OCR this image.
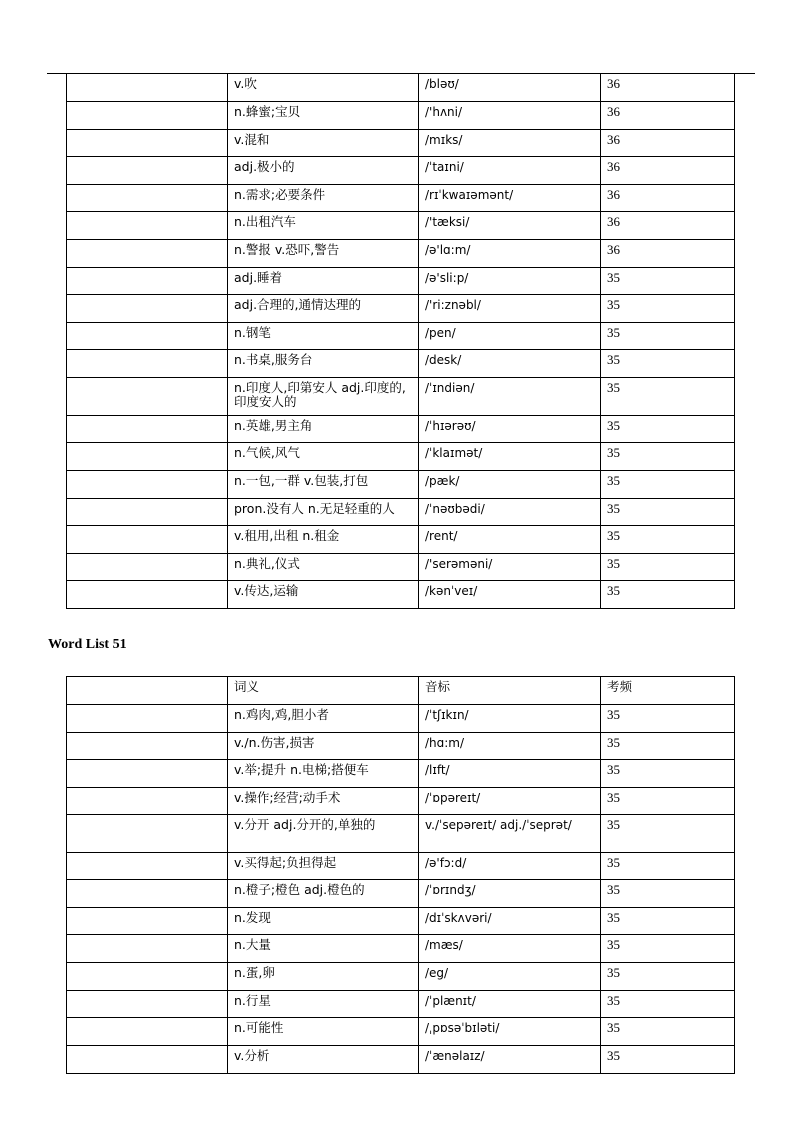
	v.吹	/bləʊ/	36
	n.蜂蜜;宝贝	/'hʌni/	36
	v.混和	/mɪks/	36
	adj.极小的	/ˈtaɪni/	36
	n.需求;必要条件	/rɪˈkwaɪəmənt/	36
	n.出租汽车	/'tæksi/	36
	n.警报 v.恐吓,警告	/ə'lɑ:m/	36
	adj.睡着	/ə'sli:p/	35
	adj.合理的,通情达理的	/'ri:znəbl/	35
	n.钢笔	/pen/	35
	n.书桌,服务台	/desk/	35
	n.印度人,印第安人 adj.印度的,印度安人的	/ˈɪndiən/	35
	n.英雄,男主角	/ˈhɪərəʊ/	35
	n.气候,风气	/ˈklaɪmət/	35
	n.一包,一群 v.包装,打包	/pæk/	35
	pron.没有人 n.无足轻重的人	/ˈnəʊbədi/	35
	v.租用,出租 n.租金	/rent/	35
	n.典礼,仪式	/'serəməni/	35
	v.传达,运输	/kənˈveɪ/	35
Word List 51
	词义	音标	考频
	n.鸡肉,鸡,胆小者	/ˈtʃɪkɪn/	35
	v./n.伤害,损害	/hɑ:m/	35
	v.举;提升 n.电梯;搭便车	/lɪft/	35
	v.操作;经营;动手术	/ˈɒpəreɪt/	35
	v.分开 adj.分开的,单独的	v./ˈsepəreɪt/ adj./ˈseprət/	35
	v.买得起;负担得起	/ə'fɔ:d/	35
	n.橙子;橙色 adj.橙色的	/ˈɒrɪndʒ/	35
	n.发现	/dɪˈskʌvəri/	35
	n.大量	/mæs/	35
	n.蛋,卵	/eg/	35
	n.行星	/ˈplænɪt/	35
	n.可能性	/ˌpɒsəˈbɪləti/	35
	v.分析	/ˈænəlaɪz/	35
